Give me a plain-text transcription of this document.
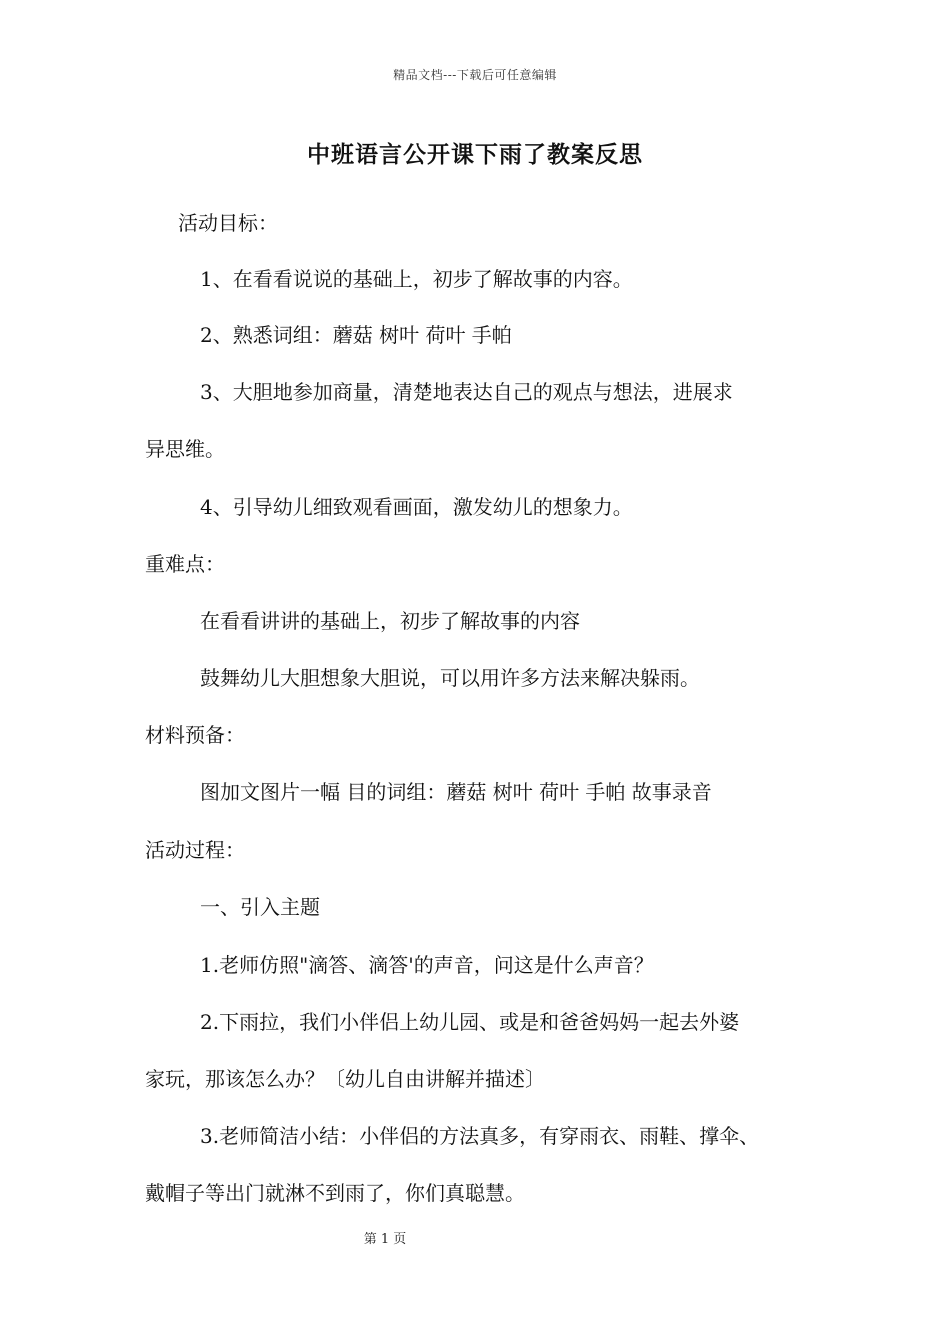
精品文档---下载后可任意编辑
中班语言公开课下雨了教案反思
活动目标：
1、在看看说说的基础上，初步了解故事的内容。
2、熟悉词组：蘑菇 树叶 荷叶 手帕
3、大胆地参加商量，清楚地表达自己的观点与想法，进展求
异思维。
4、引导幼儿细致观看画面，激发幼儿的想象力。
重难点：
在看看讲讲的基础上，初步了解故事的内容
鼓舞幼儿大胆想象大胆说，可以用许多方法来解决躲雨。
材料预备：
图加文图片一幅 目的词组：蘑菇 树叶 荷叶 手帕 故事录音
活动过程：
一、引入主题
1.老师仿照"滴答、滴答'的声音，问这是什么声音？
2.下雨拉，我们小伴侣上幼儿园、或是和爸爸妈妈一起去外婆
家玩，那该怎么办？〔幼儿自由讲解并描述〕
3.老师简洁小结：小伴侣的方法真多，有穿雨衣、雨鞋、撑伞、
戴帽子等出门就淋不到雨了，你们真聪慧。
第 1 页
